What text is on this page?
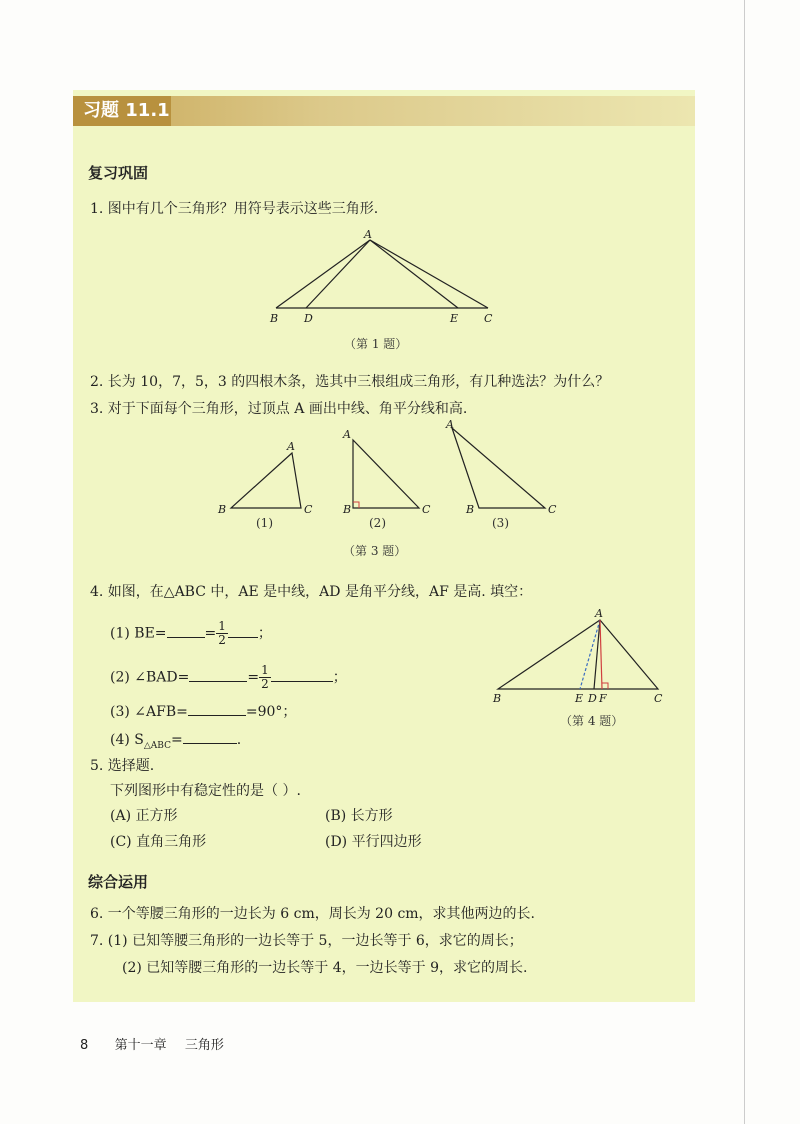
习题 11.1
复习巩固
1. 图中有几个三角形？用符号表示这些三角形.
A
B D	E C
（第 1 题）
2. 长为 10，7，5，3 的四根木条，选其中三根组成三角形，有几种选法？为什么？
3. 对于下面每个三角形，过顶点 A 画出中线、角平分线和高.
A
B	C
A
B	C
A
B	C
(1)	(2)	(3)
（第 3 题）
4. 如图，在△ABC 中，AE 是中线，AD 是角平分线，AF 是高. 填空：
(1) BE=	= $\frac{1}{2}$ ；
(2) ∠BAD=	= $\frac{1}{2}$	；
(3) ∠AFB=	=90°；
(4) $S_{\triangle ABC}=$	.
A
B	E D F	C
（第 4 题）
5. 选择题.
下列图形中有稳定性的是（ ）.
(A) 正方形	(B) 长方形
(C) 直角三角形	(D) 平行四边形
综合运用
6. 一个等腰三角形的一边长为 6 cm，周长为 20 cm，求其他两边的长.
7. (1) 已知等腰三角形的一边长等于 5，一边长等于 6，求它的周长；
(2) 已知等腰三角形的一边长等于 4，一边长等于 9，求它的周长.
8 第十一章 三角形
